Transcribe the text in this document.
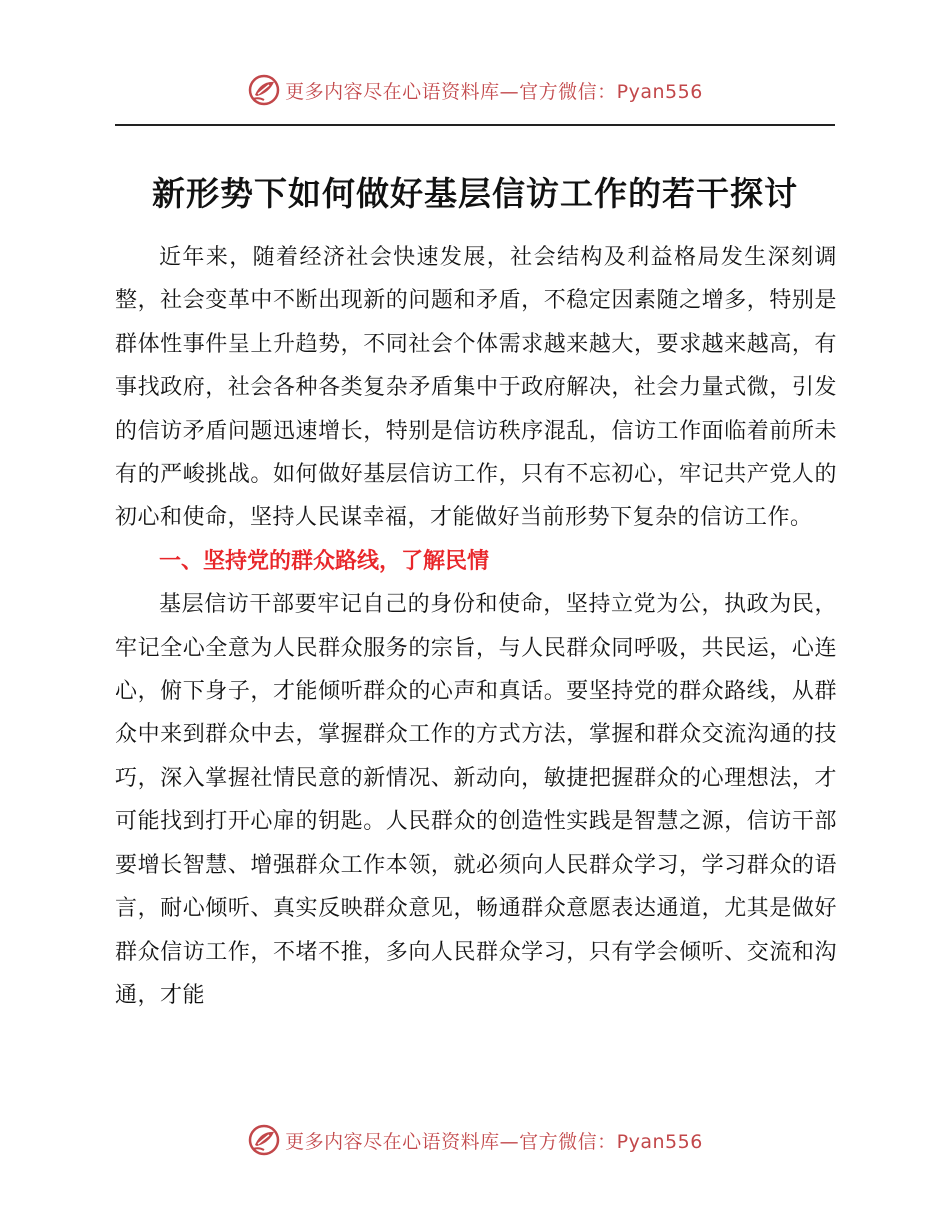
更多内容尽在心语资料库—官方微信：Pyan556
新形势下如何做好基层信访工作的若干探讨

近年来，随着经济社会快速发展，社会结构及利益格局发生深刻调整，社会变革中不断出现新的问题和矛盾，不稳定因素随之增多，特别是群体性事件呈上升趋势，不同社会个体需求越来越大，要求越来越高，有事找政府，社会各种各类复杂矛盾集中于政府解决，社会力量式微，引发的信访矛盾问题迅速增长，特别是信访秩序混乱，信访工作面临着前所未有的严峻挑战。如何做好基层信访工作，只有不忘初心，牢记共产党人的初心和使命，坚持人民谋幸福，才能做好当前形势下复杂的信访工作。

一、坚持党的群众路线，了解民情

基层信访干部要牢记自己的身份和使命，坚持立党为公，执政为民，牢记全心全意为人民群众服务的宗旨，与人民群众同呼吸，共民运，心连心，俯下身子，才能倾听群众的心声和真话。要坚持党的群众路线，从群众中来到群众中去，掌握群众工作的方式方法，掌握和群众交流沟通的技巧，深入掌握社情民意的新情况、新动向，敏捷把握群众的心理想法，才可能找到打开心扉的钥匙。人民群众的创造性实践是智慧之源，信访干部要增长智慧、增强群众工作本领，就必须向人民群众学习，学习群众的语言，耐心倾听、真实反映群众意见，畅通群众意愿表达通道，尤其是做好群众信访工作，不堵不推，多向人民群众学习，只有学会倾听、交流和沟通，才能

更多内容尽在心语资料库—官方微信：Pyan556
